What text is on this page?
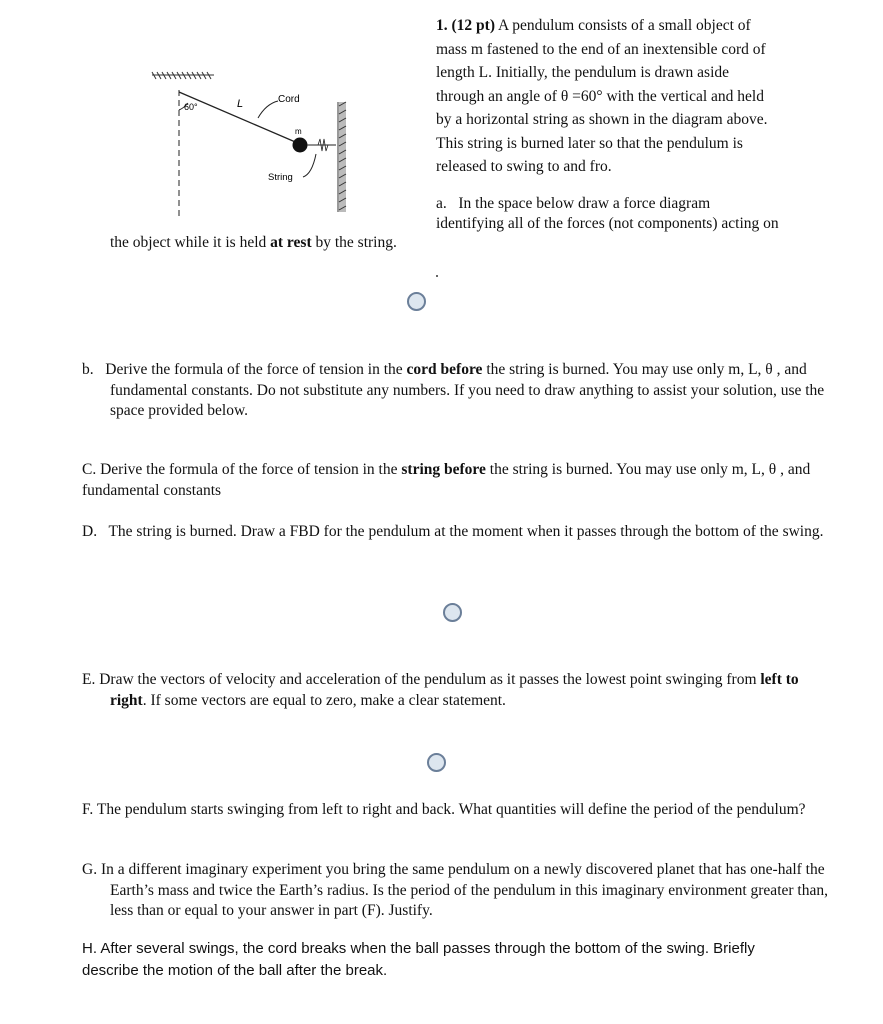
60°	L	Cord
m
String
1. (12 pt) A pendulum consists of a small object of
mass m fastened to the end of an inextensible cord of
length L. Initially, the pendulum is drawn aside
through an angle of θ =60° with the vertical and held
by a horizontal string as shown in the diagram above.
This string is burned later so that the pendulum is
released to swing to and fro.
a. In the space below draw a force diagram
identifying all of the forces (not components) acting on
the object while it is held at rest by the string.
b. Derive the formula of the force of tension in the cord before the string is burned. You may use only m, L, θ , and fundamental constants. Do not substitute any numbers. If you need to draw anything to assist your solution, use the space provided below.
C. Derive the formula of the force of tension in the string before the string is burned. You may use only m, L, θ , and fundamental constants
D. The string is burned. Draw a FBD for the pendulum at the moment when it passes through the bottom of the swing.
E. Draw the vectors of velocity and acceleration of the pendulum as it passes the lowest point swinging from left to right. If some vectors are equal to zero, make a clear statement.
F. The pendulum starts swinging from left to right and back. What quantities will define the period of the pendulum?
G. In a different imaginary experiment you bring the same pendulum on a newly discovered planet that has one-half the Earth’s mass and twice the Earth’s radius. Is the period of the pendulum in this imaginary environment greater than, less than or equal to your answer in part (F). Justify.
H. After several swings, the cord breaks when the ball passes through the bottom of the swing. Briefly describe the motion of the ball after the break.
